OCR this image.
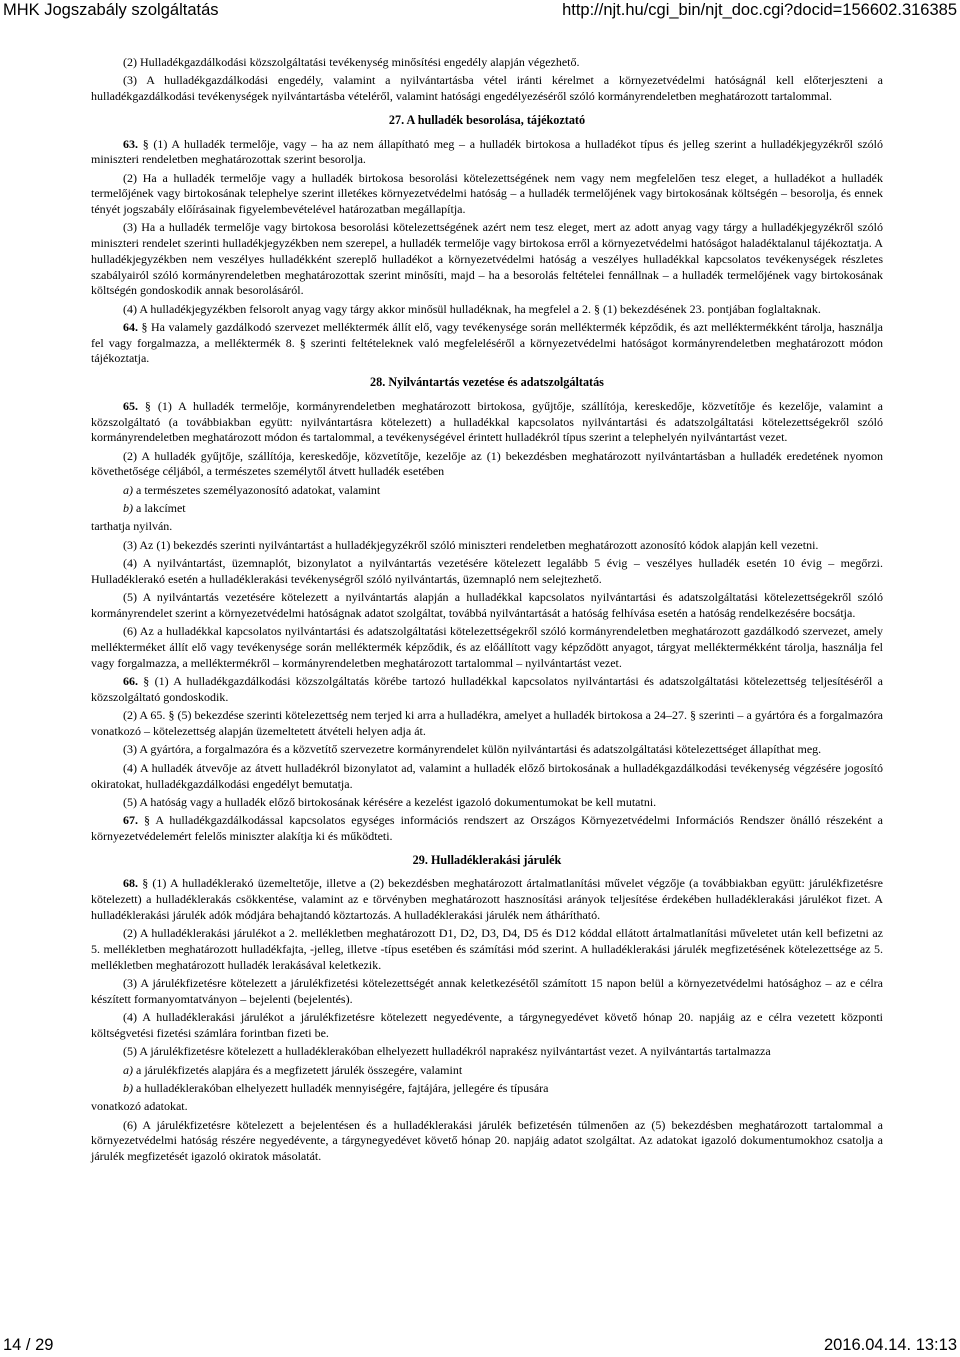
MHK Jogszabály szolgáltatás	http://njt.hu/cgi_bin/njt_doc.cgi?docid=156602.316385

(2) Hulladékgazdálkodási közszolgáltatási tevékenység minősítési engedély alapján végezhető.

(3) A hulladékgazdálkodási engedély, valamint a nyilvántartásba vétel iránti kérelmet a környezetvédelmi hatóságnál kell előterjeszteni a hulladékgazdálkodási tevékenységek nyilvántartásba vételéről, valamint hatósági engedélyezéséről szóló kormányrendeletben meghatározott tartalommal.

27. A hulladék besorolása, tájékoztató

63. § (1) A hulladék termelője, vagy – ha az nem állapítható meg – a hulladék birtokosa a hulladékot típus és jelleg szerint a hulladékjegyzékről szóló miniszteri rendeletben meghatározottak szerint besorolja.

(2) Ha a hulladék termelője vagy a hulladék birtokosa besorolási kötelezettségének nem vagy nem megfelelően tesz eleget, a hulladékot a hulladék termelőjének vagy birtokosának telephelye szerint illetékes környezetvédelmi hatóság – a hulladék termelőjének vagy birtokosának költségén – besorolja, és ennek tényét jogszabály előírásainak figyelembevételével határozatban megállapítja.

(3) Ha a hulladék termelője vagy birtokosa besorolási kötelezettségének azért nem tesz eleget, mert az adott anyag vagy tárgy a hulladékjegyzékről szóló miniszteri rendelet szerinti hulladékjegyzékben nem szerepel, a hulladék termelője vagy birtokosa erről a környezetvédelmi hatóságot haladéktalanul tájékoztatja. A hulladékjegyzékben nem veszélyes hulladékként szereplő hulladékot a környezetvédelmi hatóság a veszélyes hulladékkal kapcsolatos tevékenységek részletes szabályairól szóló kormányrendeletben meghatározottak szerint minősíti, majd – ha a besorolás feltételei fennállnak – a hulladék termelőjének vagy birtokosának költségén gondoskodik annak besorolásáról.

(4) A hulladékjegyzékben felsorolt anyag vagy tárgy akkor minősül hulladéknak, ha megfelel a 2. § (1) bekezdésének 23. pontjában foglaltaknak.

64. § Ha valamely gazdálkodó szervezet melléktermék állít elő, vagy tevékenysége során melléktermék képződik, és azt melléktermékként tárolja, használja fel vagy forgalmazza, a melléktermék 8. § szerinti feltételeknek való megfeleléséről a környezetvédelmi hatóságot kormányrendeletben meghatározott módon tájékoztatja.

28. Nyilvántartás vezetése és adatszolgáltatás

65. § (1) A hulladék termelője, kormányrendeletben meghatározott birtokosa, gyűjtője, szállítója, kereskedője, közvetítője és kezelője, valamint a közszolgáltató (a továbbiakban együtt: nyilvántartásra kötelezett) a hulladékkal kapcsolatos nyilvántartási és adatszolgáltatási kötelezettségekről szóló kormányrendeletben meghatározott módon és tartalommal, a tevékenységével érintett hulladékról típus szerint a telephelyén nyilvántartást vezet.

(2) A hulladék gyűjtője, szállítója, kereskedője, közvetítője, kezelője az (1) bekezdésben meghatározott nyilvántartásban a hulladék eredetének nyomon követhetősége céljából, a természetes személytől átvett hulladék esetében

a) a természetes személyazonosító adatokat, valamint

b) a lakcímet

tarthatja nyilván.

(3) Az (1) bekezdés szerinti nyilvántartást a hulladékjegyzékről szóló miniszteri rendeletben meghatározott azonosító kódok alapján kell vezetni.

(4) A nyilvántartást, üzemnaplót, bizonylatot a nyilvántartás vezetésére kötelezett legalább 5 évig – veszélyes hulladék esetén 10 évig – megőrzi. Hulladéklerakó esetén a hulladéklerakási tevékenységről szóló nyilvántartás, üzemnapló nem selejtezhető.

(5) A nyilvántartás vezetésére kötelezett a nyilvántartás alapján a hulladékkal kapcsolatos nyilvántartási és adatszolgáltatási kötelezettségekről szóló kormányrendelet szerint a környezetvédelmi hatóságnak adatot szolgáltat, továbbá nyilvántartását a hatóság felhívása esetén a hatóság rendelkezésére bocsátja.

(6) Az a hulladékkal kapcsolatos nyilvántartási és adatszolgáltatási kötelezettségekről szóló kormányrendeletben meghatározott gazdálkodó szervezet, amely mellékterméket állít elő vagy tevékenysége során melléktermék képződik, és az előállított vagy képződött anyagot, tárgyat melléktermékként tárolja, használja fel vagy forgalmazza, a melléktermékről – kormányrendeletben meghatározott tartalommal – nyilvántartást vezet.

66. § (1) A hulladékgazdálkodási közszolgáltatás körébe tartozó hulladékkal kapcsolatos nyilvántartási és adatszolgáltatási kötelezettség teljesítéséről a közszolgáltató gondoskodik.

(2) A 65. § (5) bekezdése szerinti kötelezettség nem terjed ki arra a hulladékra, amelyet a hulladék birtokosa a 24–27. § szerinti – a gyártóra és a forgalmazóra vonatkozó – kötelezettség alapján üzemeltetett átvételi helyen adja át.

(3) A gyártóra, a forgalmazóra és a közvetítő szervezetre kormányrendelet külön nyilvántartási és adatszolgáltatási kötelezettséget állapíthat meg.

(4) A hulladék átvevője az átvett hulladékról bizonylatot ad, valamint a hulladék előző birtokosának a hulladékgazdálkodási tevékenység végzésére jogosító okiratokat, hulladékgazdálkodási engedélyt bemutatja.

(5) A hatóság vagy a hulladék előző birtokosának kérésére a kezelést igazoló dokumentumokat be kell mutatni.

67. § A hulladékgazdálkodással kapcsolatos egységes információs rendszert az Országos Környezetvédelmi Információs Rendszer önálló részeként a környezetvédelemért felelős miniszter alakítja ki és működteti.

29. Hulladéklerakási járulék

68. § (1) A hulladéklerakó üzemeltetője, illetve a (2) bekezdésben meghatározott ártalmatlanítási művelet végzője (a továbbiakban együtt: járulékfizetésre kötelezett) a hulladéklerakás csökkentése, valamint az e törvényben meghatározott hasznosítási arányok teljesítése érdekében hulladéklerakási járulékot fizet. A hulladéklerakási járulék adók módjára behajtandó köztartozás. A hulladéklerakási járulék nem áthárítható.

(2) A hulladéklerakási járulékot a 2. mellékletben meghatározott D1, D2, D3, D4, D5 és D12 kóddal ellátott ártalmatlanítási műveletet után kell befizetni az 5. mellékletben meghatározott hulladékfajta, -jelleg, illetve -típus esetében és számítási mód szerint. A hulladéklerakási járulék megfizetésének kötelezettsége az 5. mellékletben meghatározott hulladék lerakásával keletkezik.

(3) A járulékfizetésre kötelezett a járulékfizetési kötelezettségét annak keletkezésétől számított 15 napon belül a környezetvédelmi hatósághoz – az e célra készített formanyomtatványon – bejelenti (bejelentés).

(4) A hulladéklerakási járulékot a járulékfizetésre kötelezett negyedévente, a tárgynegyedévet követő hónap 20. napjáig az e célra vezetett központi költségvetési fizetési számlára forintban fizeti be.

(5) A járulékfizetésre kötelezett a hulladéklerakóban elhelyezett hulladékról naprakész nyilvántartást vezet. A nyilvántartás tartalmazza

a) a járulékfizetés alapjára és a megfizetett járulék összegére, valamint

b) a hulladéklerakóban elhelyezett hulladék mennyiségére, fajtájára, jellegére és típusára

vonatkozó adatokat.

(6) A járulékfizetésre kötelezett a bejelentésen és a hulladéklerakási járulék befizetésén túlmenően az (5) bekezdésben meghatározott tartalommal a környezetvédelmi hatóság részére negyedévente, a tárgynegyedévet követő hónap 20. napjáig adatot szolgáltat. Az adatokat igazoló dokumentumokhoz csatolja a járulék megfizetését igazoló okiratok másolatát.

14 / 29	2016.04.14. 13:13
